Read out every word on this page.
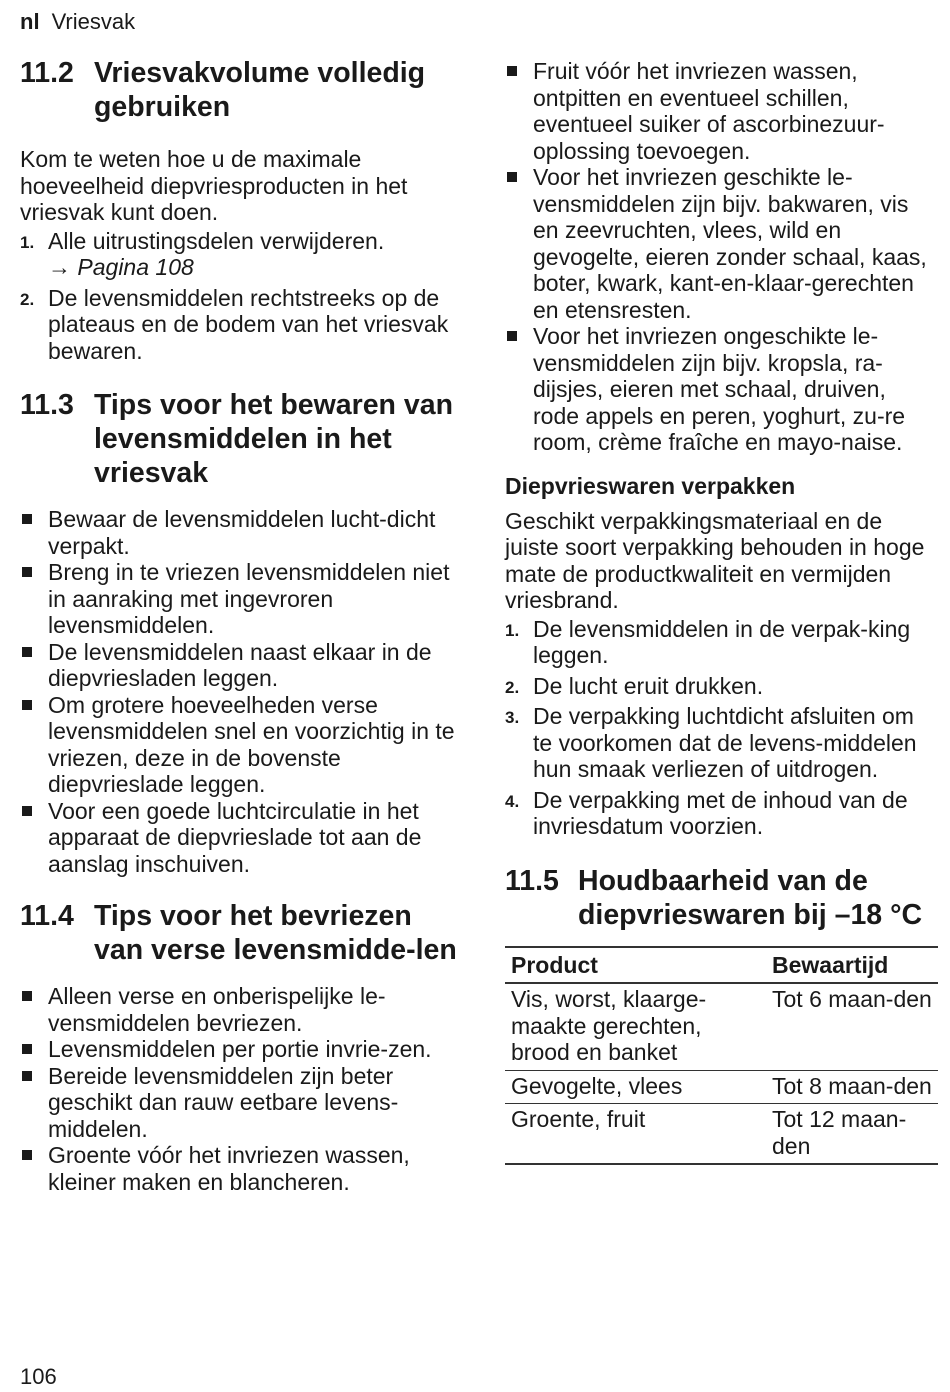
nl Vriesvak
11.2 Vriesvakvolume volledig gebruiken

Kom te weten hoe u de maximale hoeveelheid diepvriesproducten in het vriesvak kunt doen.

1. Alle uitrustingsdelen verwijderen.
→ Pagina 108
2. De levensmiddelen rechtstreeks op de plateaus en de bodem van het vriesvak bewaren.
11.3 Tips voor het bewaren van levensmiddelen in het vriesvak
Bewaar de levensmiddelen lucht-dicht verpakt.
Breng in te vriezen levensmiddelen niet in aanraking met ingevroren levensmiddelen.
De levensmiddelen naast elkaar in de diepvriesladen leggen.
Om grotere hoeveelheden verse levensmiddelen snel en voorzichtig in te vriezen, deze in de bovenste diepvrieslade leggen.
Voor een goede luchtcirculatie in het apparaat de diepvrieslade tot aan de aanslag inschuiven.
11.4 Tips voor het bevriezen van verse levensmidde-len
Alleen verse en onberispelijke le-vensmiddelen bevriezen.
Levensmiddelen per portie invrie-zen.
Bereide levensmiddelen zijn beter geschikt dan rauw eetbare levens-middelen.
Groente vóór het invriezen wassen, kleiner maken en blancheren.
Fruit vóór het invriezen wassen, ontpitten en eventueel schillen, eventueel suiker of ascorbinezuur-oplossing toevoegen.
Voor het invriezen geschikte le-vensmiddelen zijn bijv. bakwaren, vis en zeevruchten, vlees, wild en gevogelte, eieren zonder schaal, kaas, boter, kwark, kant-en-klaar-gerechten en etensresten.
Voor het invriezen ongeschikte le-vensmiddelen zijn bijv. kropsla, ra-dijsjes, eieren met schaal, druiven, rode appels en peren, yoghurt, zu-re room, crème fraîche en mayo-naise.
Diepvrieswaren verpakken

Geschikt verpakkingsmateriaal en de juiste soort verpakking behouden in hoge mate de productkwaliteit en vermijden vriesbrand.

1. De levensmiddelen in de verpak-king leggen.
2. De lucht eruit drukken.
3. De verpakking luchtdicht afsluiten om te voorkomen dat de levens-middelen hun smaak verliezen of uitdrogen.
4. De verpakking met de inhoud van de invriesdatum voorzien.
11.5 Houdbaarheid van de diepvrieswaren bij –18 °C
Product	Bewaartijd
Vis, worst, klaarge-maakte gerechten, brood en banket	Tot 6 maan-den
Gevogelte, vlees	Tot 8 maan-den
Groente, fruit	Tot 12 maan-den
106
